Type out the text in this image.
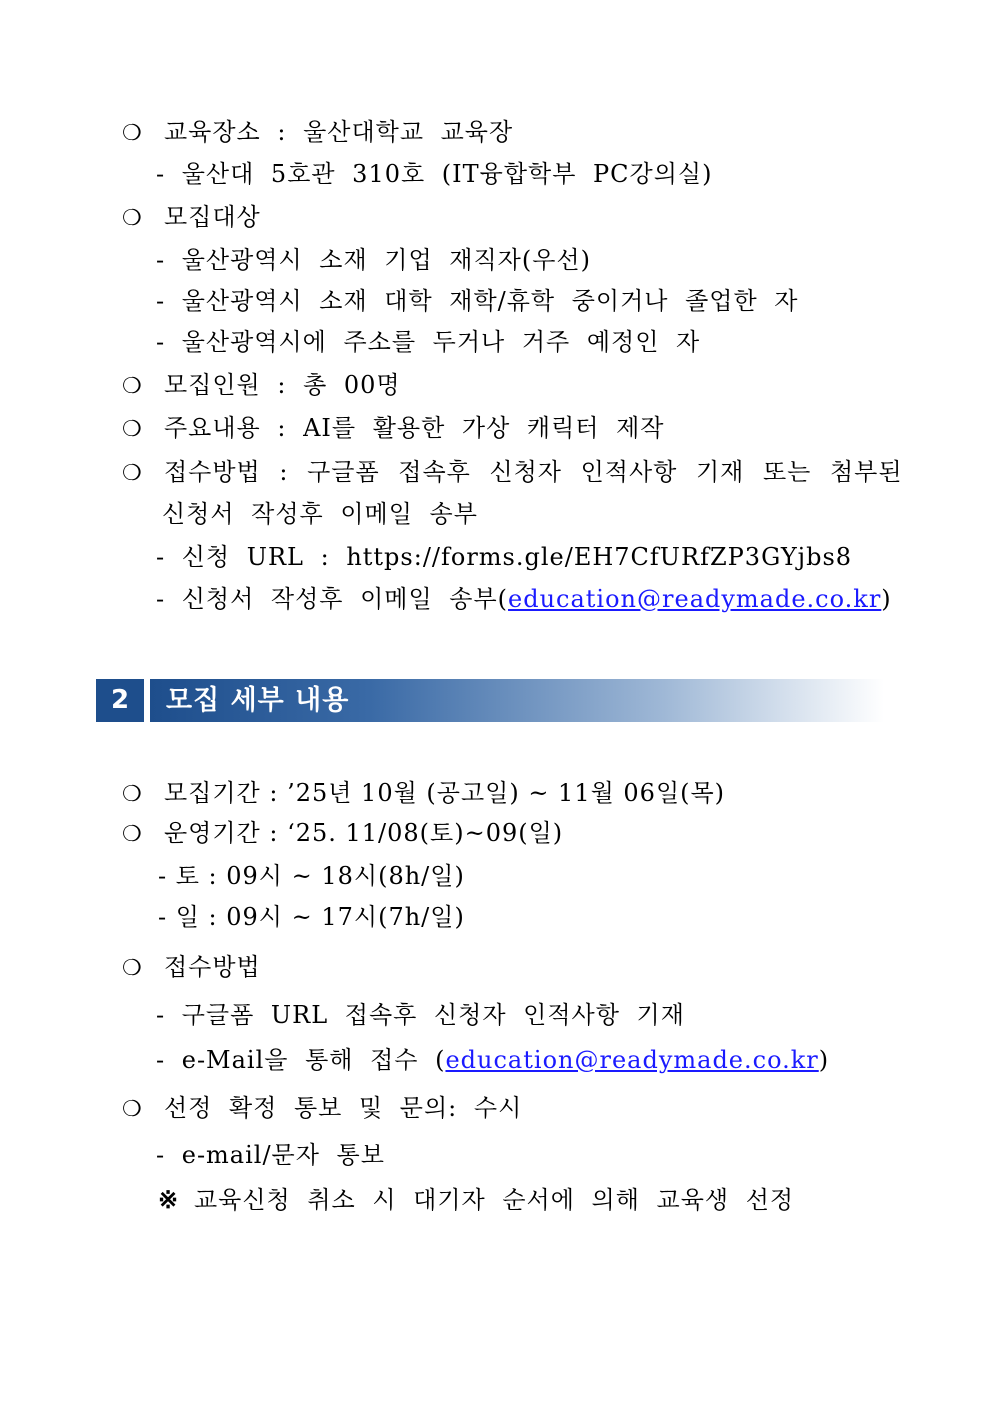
❍ 교육장소 : 울산대학교 교육장
- 울산대 5호관 310호 (IT융합학부 PC강의실)
❍ 모집대상
- 울산광역시 소재 기업 재직자(우선)
- 울산광역시 소재 대학 재학/휴학 중이거나 졸업한 자
- 울산광역시에 주소를 두거나 거주 예정인 자
❍ 모집인원 : 총 00명
❍ 주요내용 : AI를 활용한 가상 캐릭터 제작
❍ 접수방법 : 구글폼 접속후 신청자 인적사항 기재 또는 첨부된
신청서 작성후 이메일 송부
- 신청 URL : https://forms.gle/EH7CfURfZP3GYjbs8
- 신청서 작성후 이메일 송부(education@readymade.co.kr)
2	모집 세부 내용
❍ 모집기간 : ’25년 10월 (공고일) ~ 11월 06일(목)
❍ 운영기간 : ‘25. 11/08(토)~09(일)
- 토 : 09시 ~ 18시(8h/일)
- 일 : 09시 ~ 17시(7h/일)
❍ 접수방법
- 구글폼 URL 접속후 신청자 인적사항 기재
- e-Mail을 통해 접수 (education@readymade.co.kr)
❍ 선정 확정 통보 및 문의: 수시
- e-mail/문자 통보
※ 교육신청 취소 시 대기자 순서에 의해 교육생 선정
